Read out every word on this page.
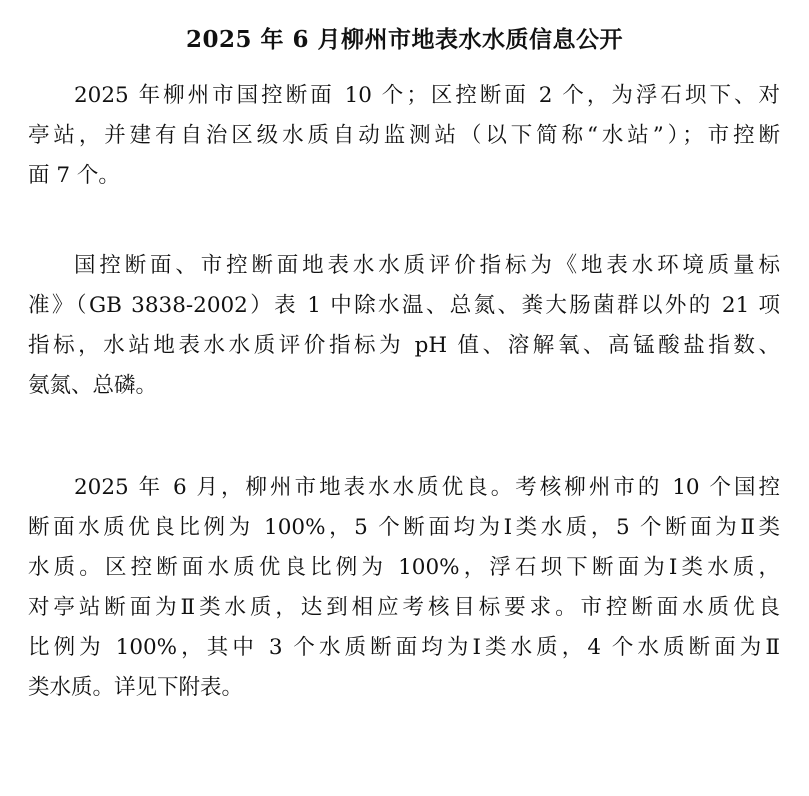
2025 年 6 月柳州市地表水水质信息公开
2025 年柳州市国控断面 10 个；区控断面 2 个，为浮石坝下、对
亭站，并建有自治区级水质自动监测站（以下简称“水站”）；市控断
面 7 个。
国控断面、市控断面地表水水质评价指标为《地表水环境质量标
准》（GB 3838-2002）表 1 中除水温、总氮、粪大肠菌群以外的 21 项
指标，水站地表水水质评价指标为 pH 值、溶解氧、高锰酸盐指数、
氨氮、总磷。
2025 年 6 月，柳州市地表水水质优良。考核柳州市的 10 个国控
断面水质优良比例为 100%，5 个断面均为Ⅰ类水质，5 个断面为Ⅱ类
水质。区控断面水质优良比例为 100%，浮石坝下断面为Ⅰ类水质，
对亭站断面为Ⅱ类水质，达到相应考核目标要求。市控断面水质优良
比例为 100%，其中 3 个水质断面均为Ⅰ类水质，4 个水质断面为Ⅱ
类水质。详见下附表。
